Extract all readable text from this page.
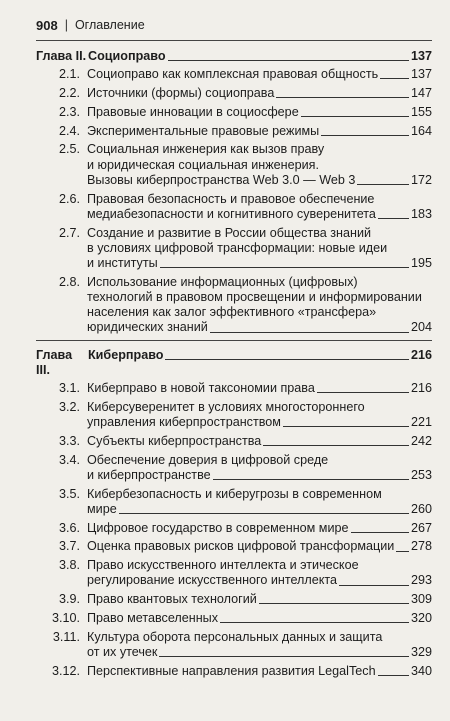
908 | Оглавление
Глава II. Социоправо	137
2.1. Социоправо как комплексная правовая общность	137
2.2. Источники (формы) социоправа	147
2.3. Правовые инновации в социосфере	155
2.4. Экспериментальные правовые режимы	164
2.5. Социальная инженерия как вызов праву
и юридическая социальная инженерия.
Вызовы киберпространства Web 3.0 — Web 3	172
2.6. Правовая безопасность и правовое обеспечение
медиабезопасности и когнитивного суверенитета	183
2.7. Создание и развитие в России общества знаний
в условиях цифровой трансформации: новые идеи
и институты	195
2.8. Использование информационных (цифровых)
технологий в правовом просвещении и информировании
населения как залог эффективного «трансфера»
юридических знаний	204
Глава III.
Киберправо	216
3.1. Киберправо в новой таксономии права	216
3.2. Киберсуверенитет в условиях многостороннего
управления киберпространством	221
3.3. Субъекты киберпространства	242
3.4. Обеспечение доверия в цифровой среде
и киберпространстве	253
3.5. Кибербезопасность и киберугрозы в современном
мире	260
3.6. Цифровое государство в современном мире	267
3.7. Оценка правовых рисков цифровой трансформации 278
3.8. Право искусственного интеллекта и этическое
регулирование искусственного интеллекта	293
3.9. Право квантовых технологий	309
3.10. Право метавселенных	320
3.11. Культура оборота персональных данных и защита
от их утечек	329
3.12. Перспективные направления развития LegalTech	340
